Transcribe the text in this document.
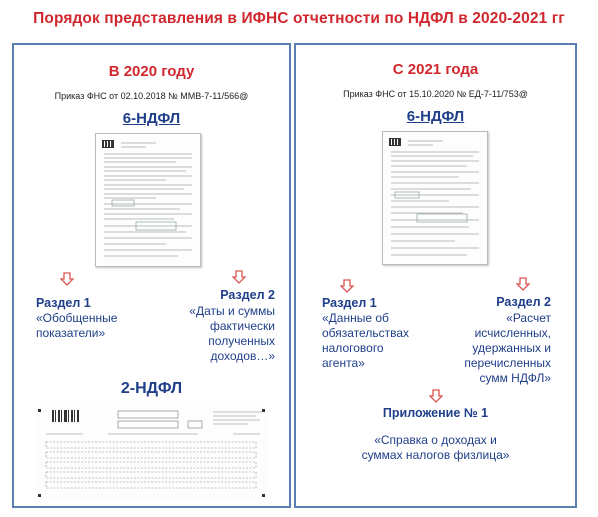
Порядок представления в ИФНС отчетности по НДФЛ в 2020-2021 гг
В 2020 году
Приказ ФНС от 02.10.2018 № ММВ-7-11/566@
6-НДФЛ
Раздел 1
«Обобщенные
показатели»
Раздел 2
«Даты и суммы
фактически
полученных
доходов…»
2-НДФЛ
С 2021 года
Приказ ФНС от 15.10.2020 № ЕД-7-11/753@
6-НДФЛ
Раздел 1
«Данные об
обязательствах
налогового
агента»
Раздел 2
«Расчет
исчисленных,
удержанных и
перечисленных
сумм НДФЛ»
Приложение № 1
«Справка о доходах и
суммах налогов физлица»
